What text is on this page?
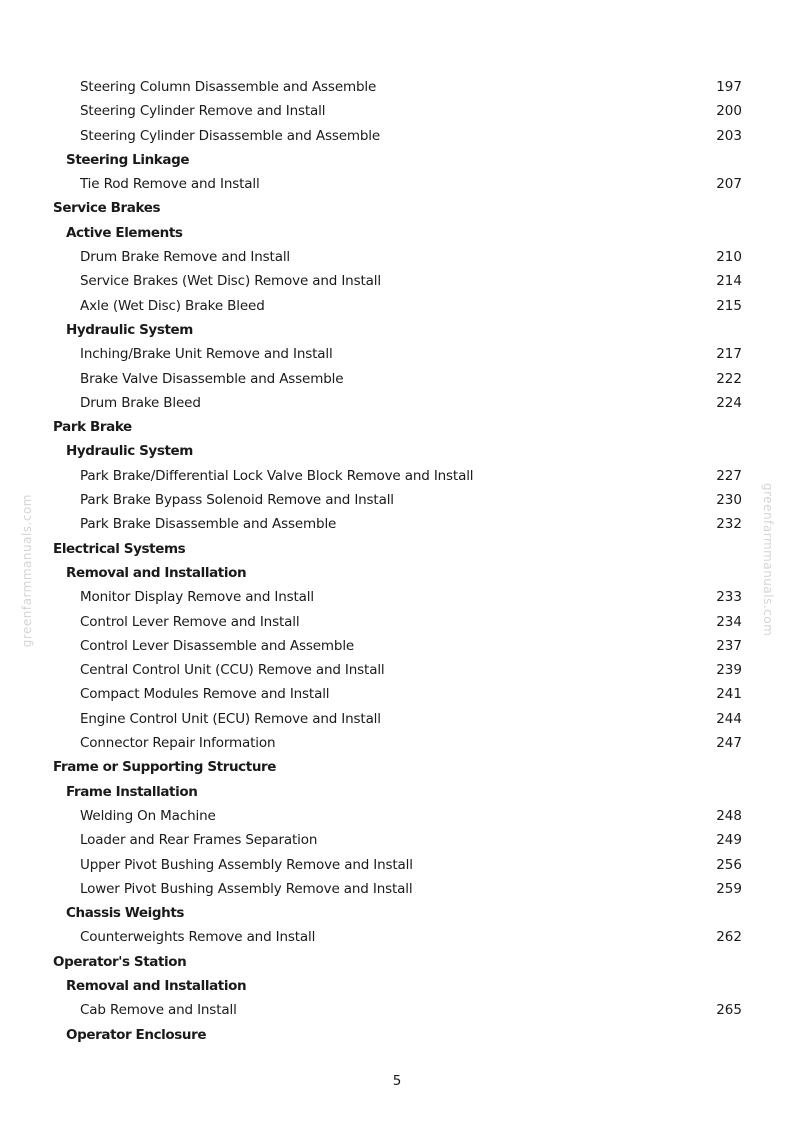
greenfarmmanuals.com	greenfarmmanuals.com
Steering Column Disassemble and Assemble	197
Steering Cylinder Remove and Install	200
Steering Cylinder Disassemble and Assemble	203
Steering Linkage
Tie Rod Remove and Install	207
Service Brakes
Active Elements
Drum Brake Remove and Install	210
Service Brakes (Wet Disc) Remove and Install	214
Axle (Wet Disc) Brake Bleed	215
Hydraulic System
Inching/Brake Unit Remove and Install	217
Brake Valve Disassemble and Assemble	222
Drum Brake Bleed	224
Park Brake
Hydraulic System
Park Brake/Differential Lock Valve Block Remove and Install	227
Park Brake Bypass Solenoid Remove and Install	230
Park Brake Disassemble and Assemble	232
Electrical Systems
Removal and Installation
Monitor Display Remove and Install	233
Control Lever Remove and Install	234
Control Lever Disassemble and Assemble	237
Central Control Unit (CCU) Remove and Install	239
Compact Modules Remove and Install	241
Engine Control Unit (ECU) Remove and Install	244
Connector Repair Information	247
Frame or Supporting Structure
Frame Installation
Welding On Machine	248
Loader and Rear Frames Separation	249
Upper Pivot Bushing Assembly Remove and Install	256
Lower Pivot Bushing Assembly Remove and Install	259
Chassis Weights
Counterweights Remove and Install	262
Operator's Station
Removal and Installation
Cab Remove and Install	265
Operator Enclosure
5
